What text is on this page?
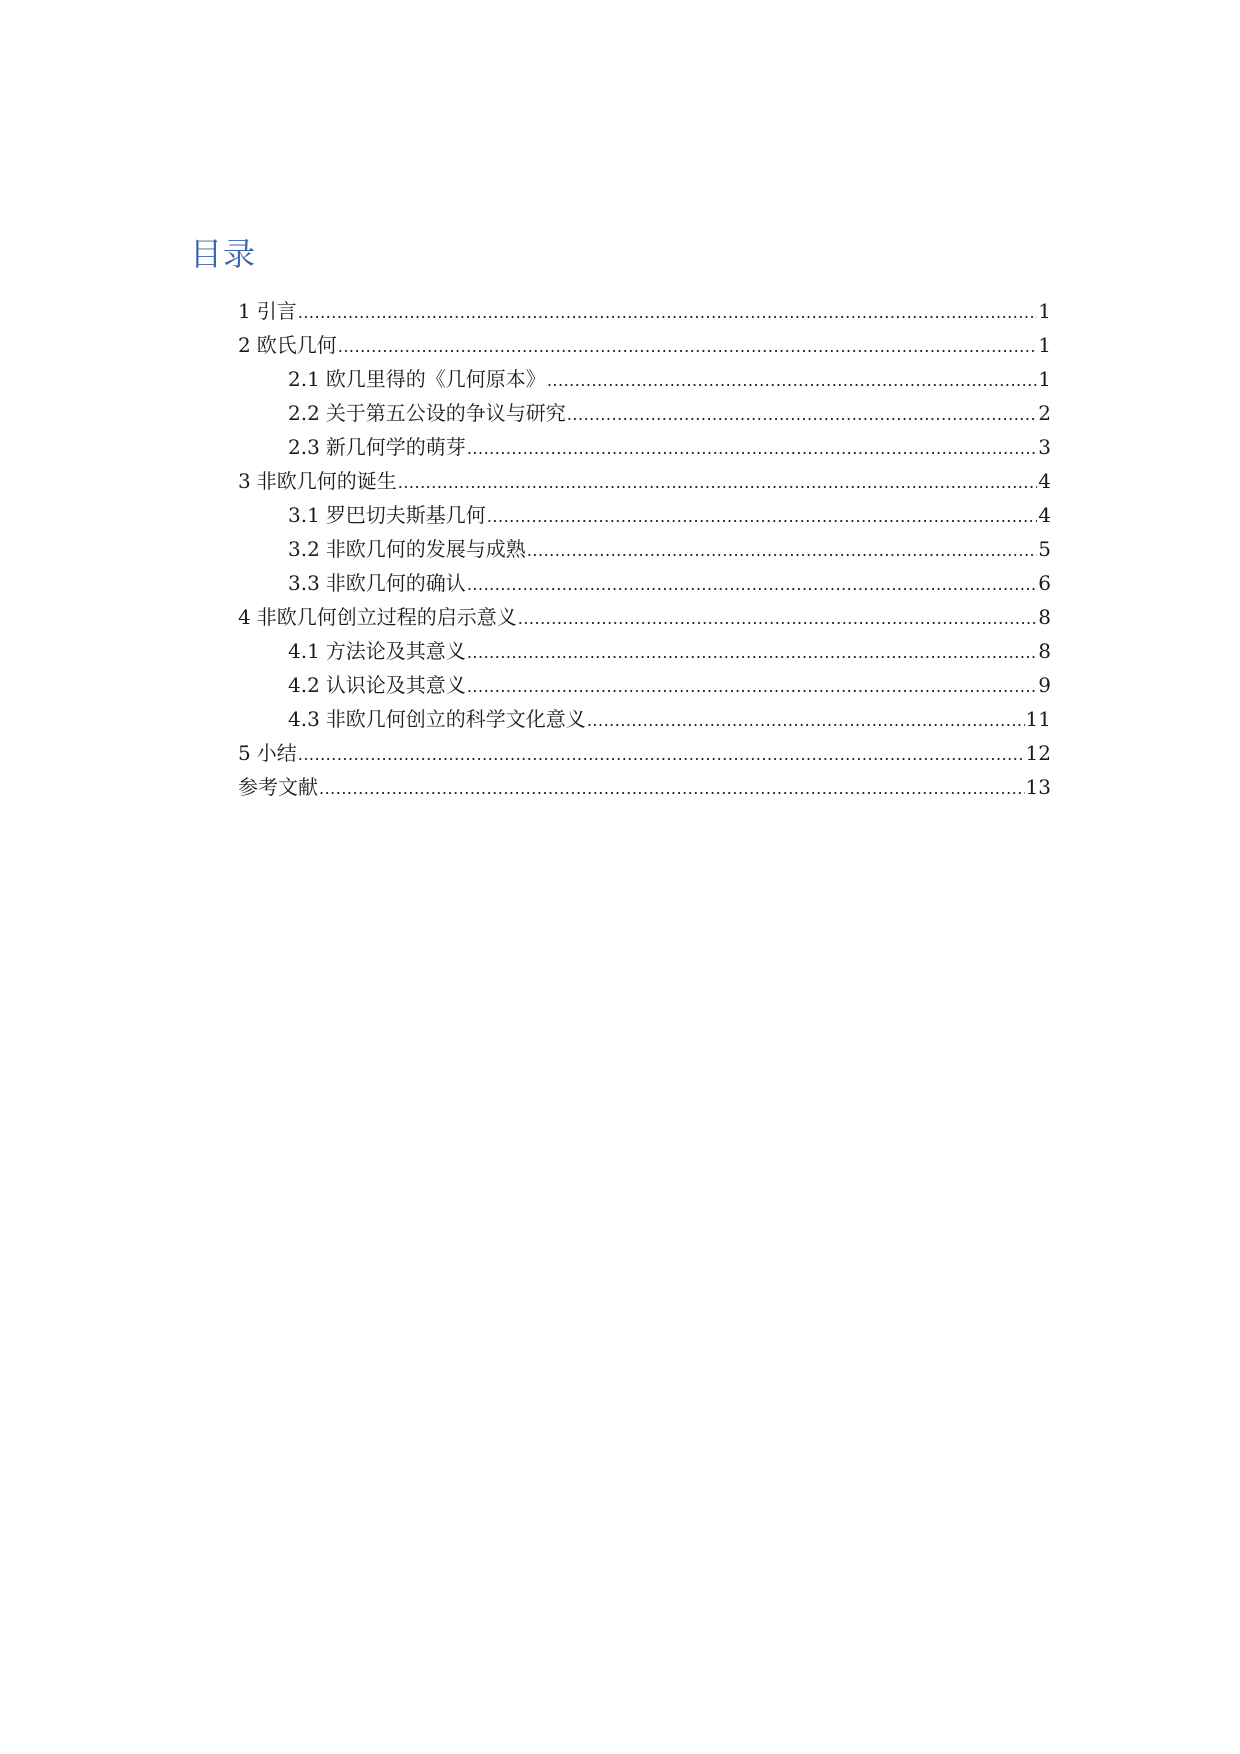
目录
1 引言 .....	1
2 欧氏几何 .....	1
2.1 欧几里得的《几何原本》 .....	1
2.2 关于第五公设的争议与研究 .....	2
2.3 新几何学的萌芽 .....	3
3 非欧几何的诞生 .....	4
3.1 罗巴切夫斯基几何 .....	4
3.2 非欧几何的发展与成熟 .....	5
3.3 非欧几何的确认 .....	6
4 非欧几何创立过程的启示意义 .....	8
4.1 方法论及其意义 .....	8
4.2 认识论及其意义 .....	9
4.3 非欧几何创立的科学文化意义 .....	11
5 小结 .....	12
参考文献 .....	13
